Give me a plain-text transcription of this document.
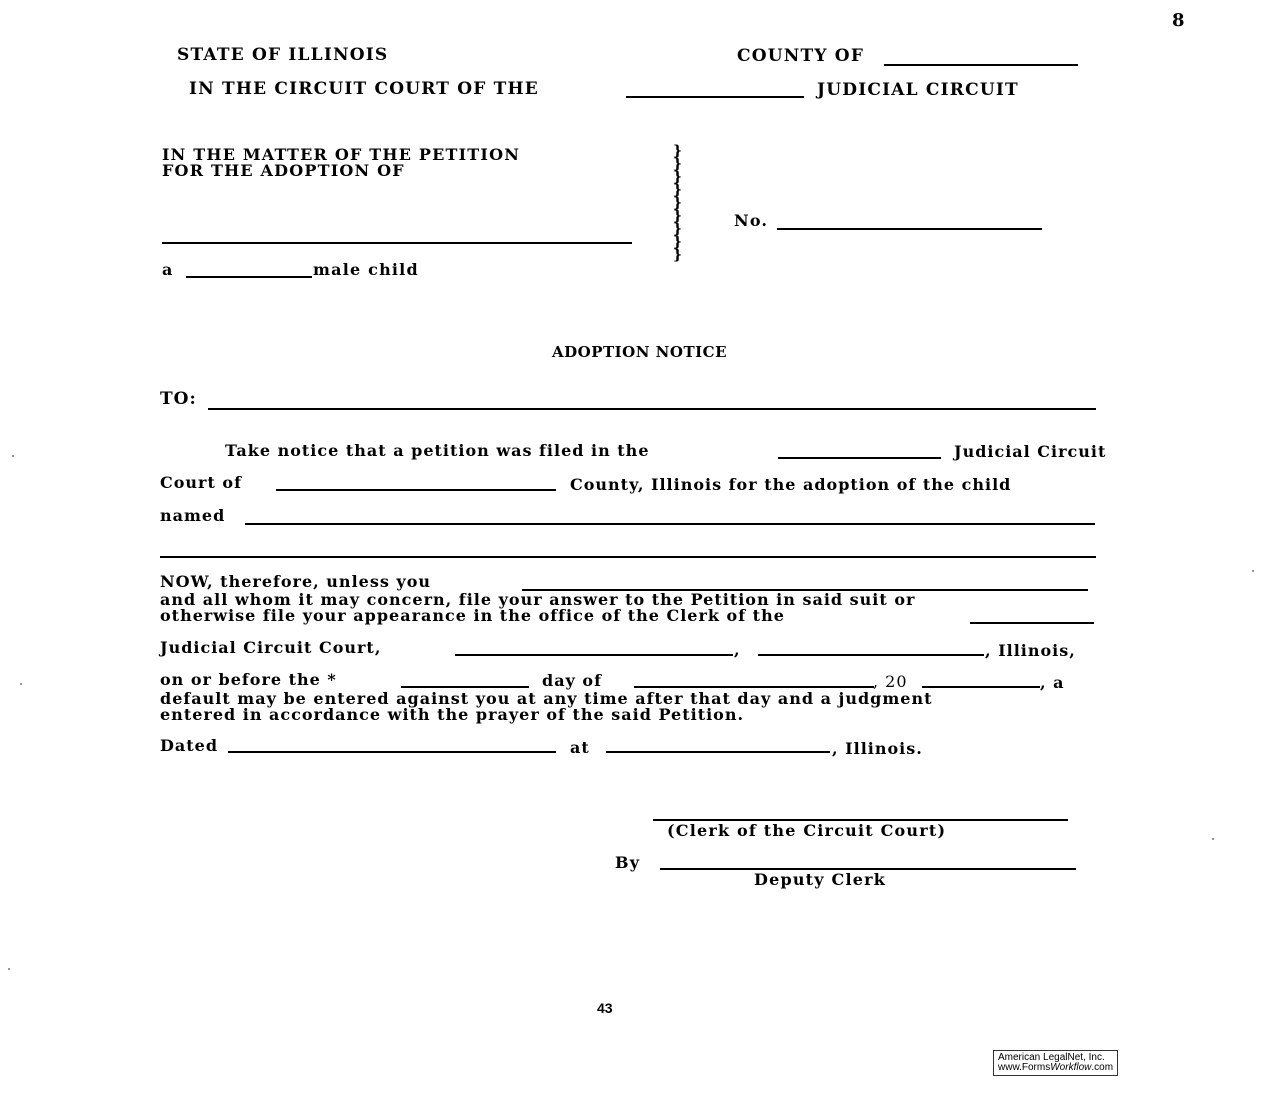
8
STATE OF ILLINOIS	COUNTY OF
IN THE CIRCUIT COURT OF THE	JUDICIAL CIRCUIT
IN THE MATTER OF THE PETITION
FOR THE ADOPTION OF
a	male child
}
}
}
}
}
}
}
}
}
No.
ADOPTION NOTICE
TO:
Take notice that a petition was filed in the	Judicial Circuit
Court of	County, Illinois for the adoption of the child
named
NOW, therefore, unless you
and all whom it may concern, file your answer to the Petition in said suit or
otherwise file your appearance in the office of the Clerk of the
Judicial Circuit Court,	,	, Illinois,
on or before the *	day of	, 20	, a
default may be entered against you at any time after that day and a judgment
entered in accordance with the prayer of the said Petition.
Dated	at	, Illinois.
(Clerk of the Circuit Court)
By
Deputy Clerk
43
American LegalNet, Inc.
www.FormsWorkflow.com
